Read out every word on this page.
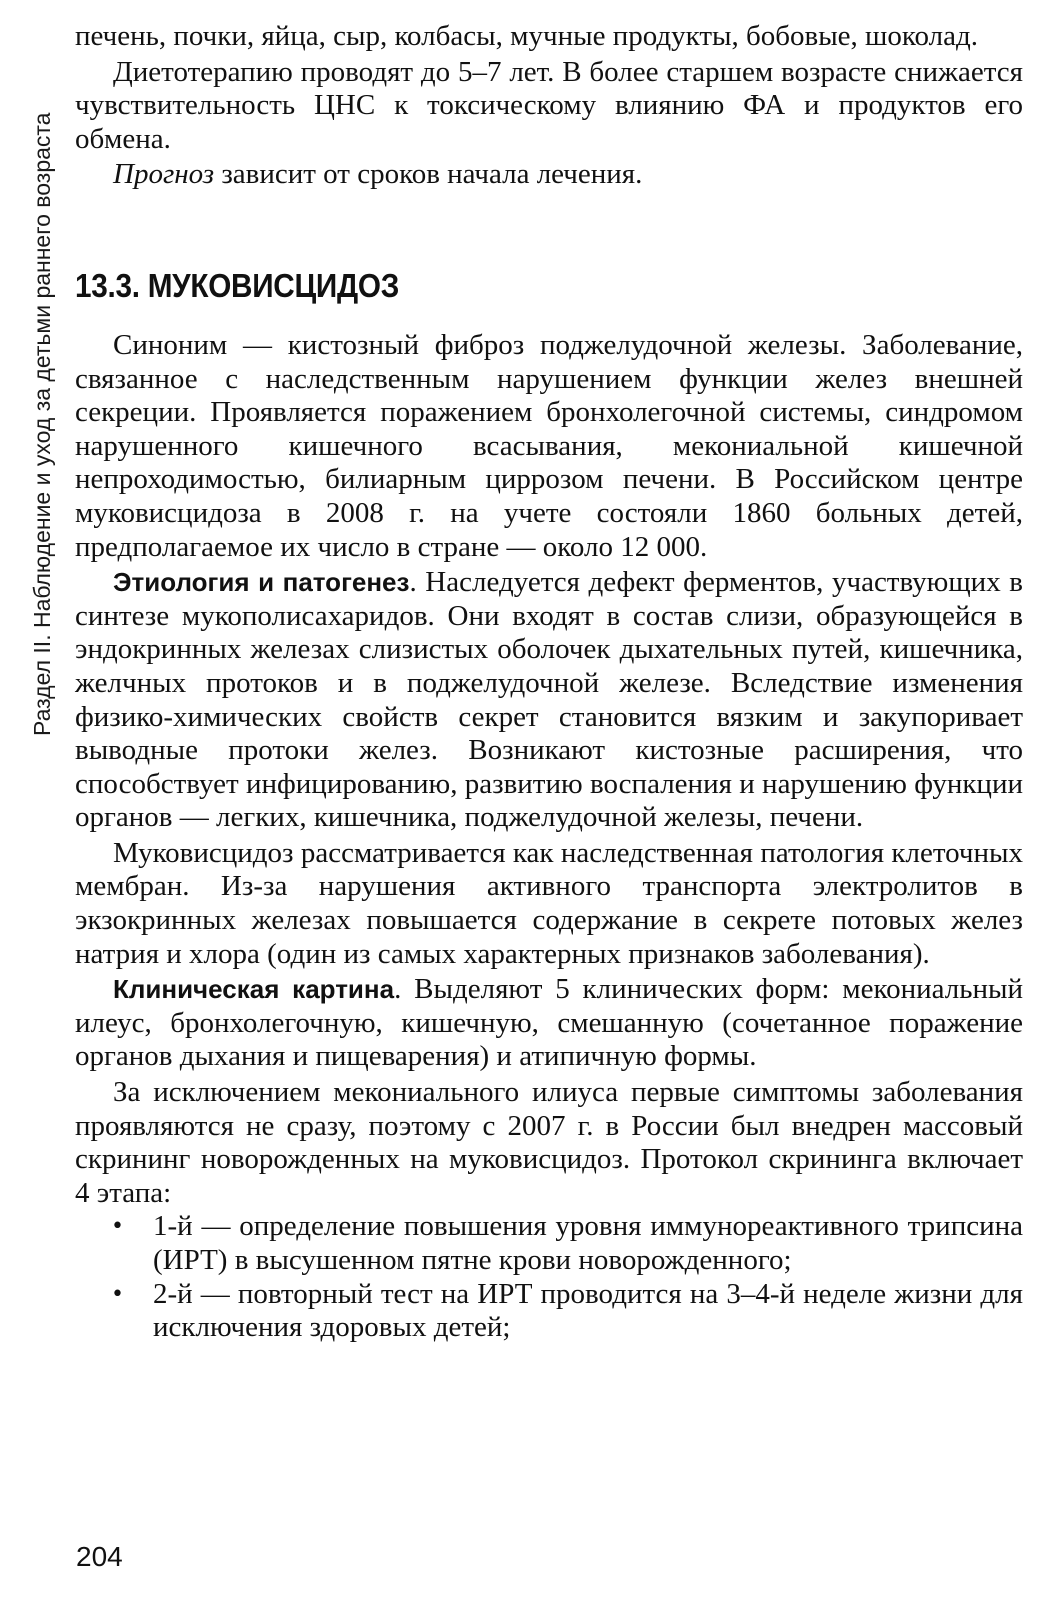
Раздел II. Наблюдение и уход за детьми раннего возраста

печень, почки, яйца, сыр, колбасы, мучные продукты, бобовые, шоколад.

Диетотерапию проводят до 5–7 лет. В более старшем возрасте снижается чувствительность ЦНС к токсическому влиянию ФА и продуктов его обмена.

Прогноз зависит от сроков начала лечения.

13.3. МУКОВИСЦИДОЗ

Синоним — кистозный фиброз поджелудочной железы. Заболевание, связанное с наследственным нарушением функции желез внешней секреции. Проявляется поражением бронхолегочной системы, синдромом нарушенного кишечного всасывания, мекониальной кишечной непроходимостью, билиарным циррозом печени. В Российском центре муковисцидоза в 2008 г. на учете состояли 1860 больных детей, предполагаемое их число в стране — около 12 000.

Этиология и патогенез. Наследуется дефект ферментов, участвующих в синтезе мукополисахаридов. Они входят в состав слизи, образующейся в эндокринных железах слизистых оболочек дыхательных путей, кишечника, желчных протоков и в поджелудочной железе. Вследствие изменения физико-химических свойств секрет становится вязким и закупоривает выводные протоки желез. Возникают кистозные расширения, что способствует инфицированию, развитию воспаления и нарушению функции органов — легких, кишечника, поджелудочной железы, печени.

Муковисцидоз рассматривается как наследственная патология клеточных мембран. Из-за нарушения активного транспорта электролитов в экзокринных железах повышается содержание в секрете потовых желез натрия и хлора (один из самых характерных признаков заболевания).

Клиническая картина. Выделяют 5 клинических форм: мекониальный илеус, бронхолегочную, кишечную, смешанную (сочетанное поражение органов дыхания и пищеварения) и атипичную формы.

За исключением мекониального илиуса первые симптомы заболевания проявляются не сразу, поэтому с 2007 г. в России был внедрен массовый скрининг новорожденных на муковисцидоз. Протокол скрининга включает 4 этапа:

• 1-й — определение повышения уровня иммунореактивного трипсина (ИРТ) в высушенном пятне крови новорожденного;
• 2-й — повторный тест на ИРТ проводится на 3–4-й неделе жизни для исключения здоровых детей;
204
